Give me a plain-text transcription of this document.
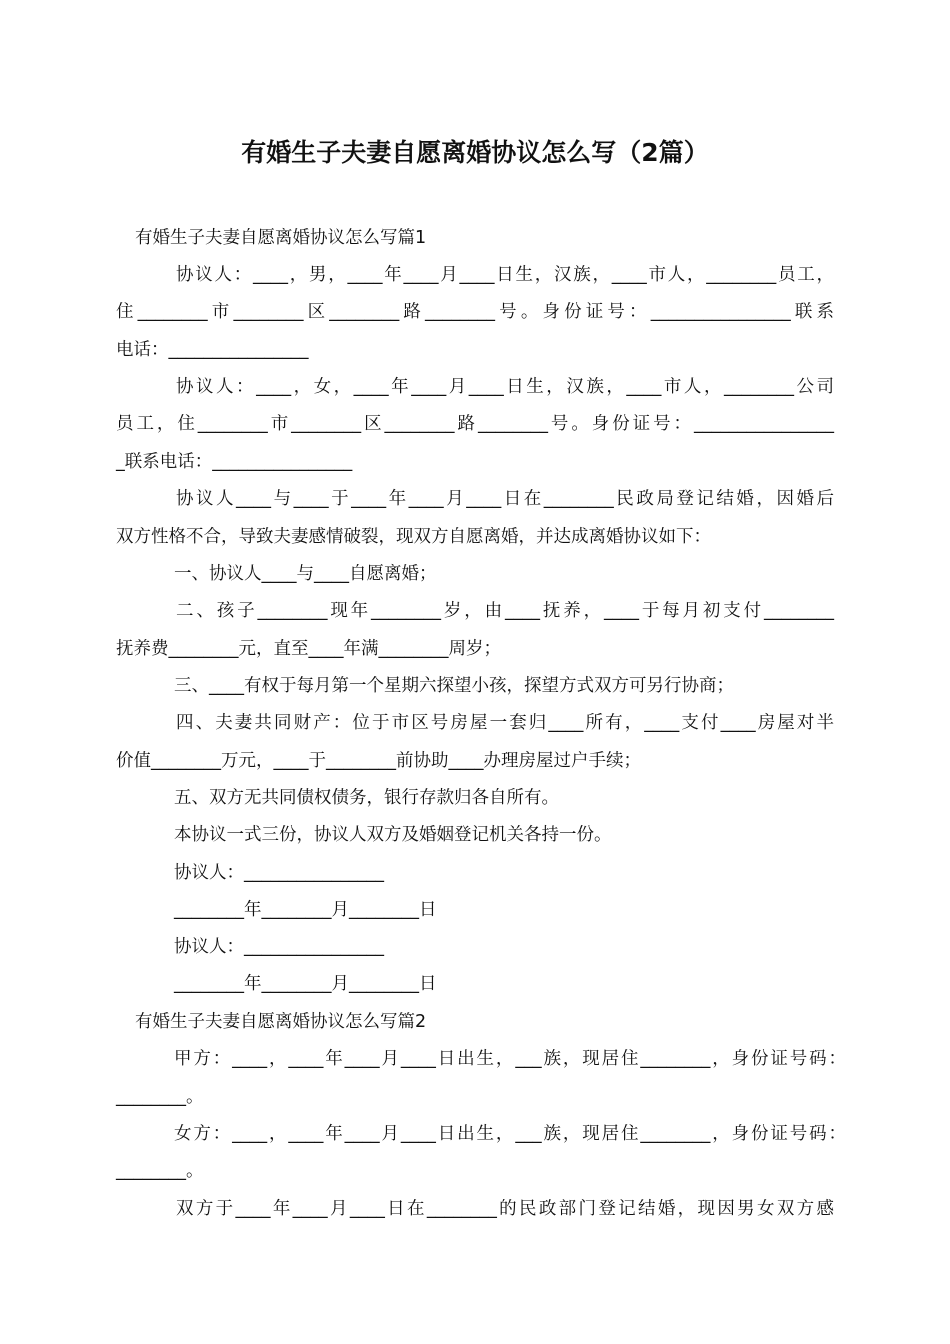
有婚生子夫妻自愿离婚协议怎么写（2篇）
有婚生子夫妻自愿离婚协议怎么写篇1
协议人：____，男，____年____月____日生，汉族，____市人，________员工，
住________市________区________路________号。身份证号：________________联系
电话：________________
协议人：____，女，____年____月____日生，汉族，____市人，________公司
员工，住________市________区________路________号。身份证号：________________
_联系电话：________________
协议人____与____于____年____月____日在________民政局登记结婚，因婚后
双方性格不合，导致夫妻感情破裂，现双方自愿离婚，并达成离婚协议如下：
一、协议人____与____自愿离婚；
二、孩子________现年________岁，由____抚养，____于每月初支付________
抚养费________元，直至____年满________周岁；
三、____有权于每月第一个星期六探望小孩，探望方式双方可另行协商；
四、夫妻共同财产：位于市区号房屋一套归____所有，____支付____房屋对半
价值________万元，____于________前协助____办理房屋过户手续；
五、双方无共同债权债务，银行存款归各自所有。
本协议一式三份，协议人双方及婚姻登记机关各持一份。
协议人：________________
________年________月________日
协议人：________________
________年________月________日
有婚生子夫妻自愿离婚协议怎么写篇2
甲方：____，____年____月____日出生，___族，现居住________，身份证号码：
________。
女方：____，____年____月____日出生，___族，现居住________，身份证号码：
________。
双方于____年____月____日在________的民政部门登记结婚，现因男女双方感
